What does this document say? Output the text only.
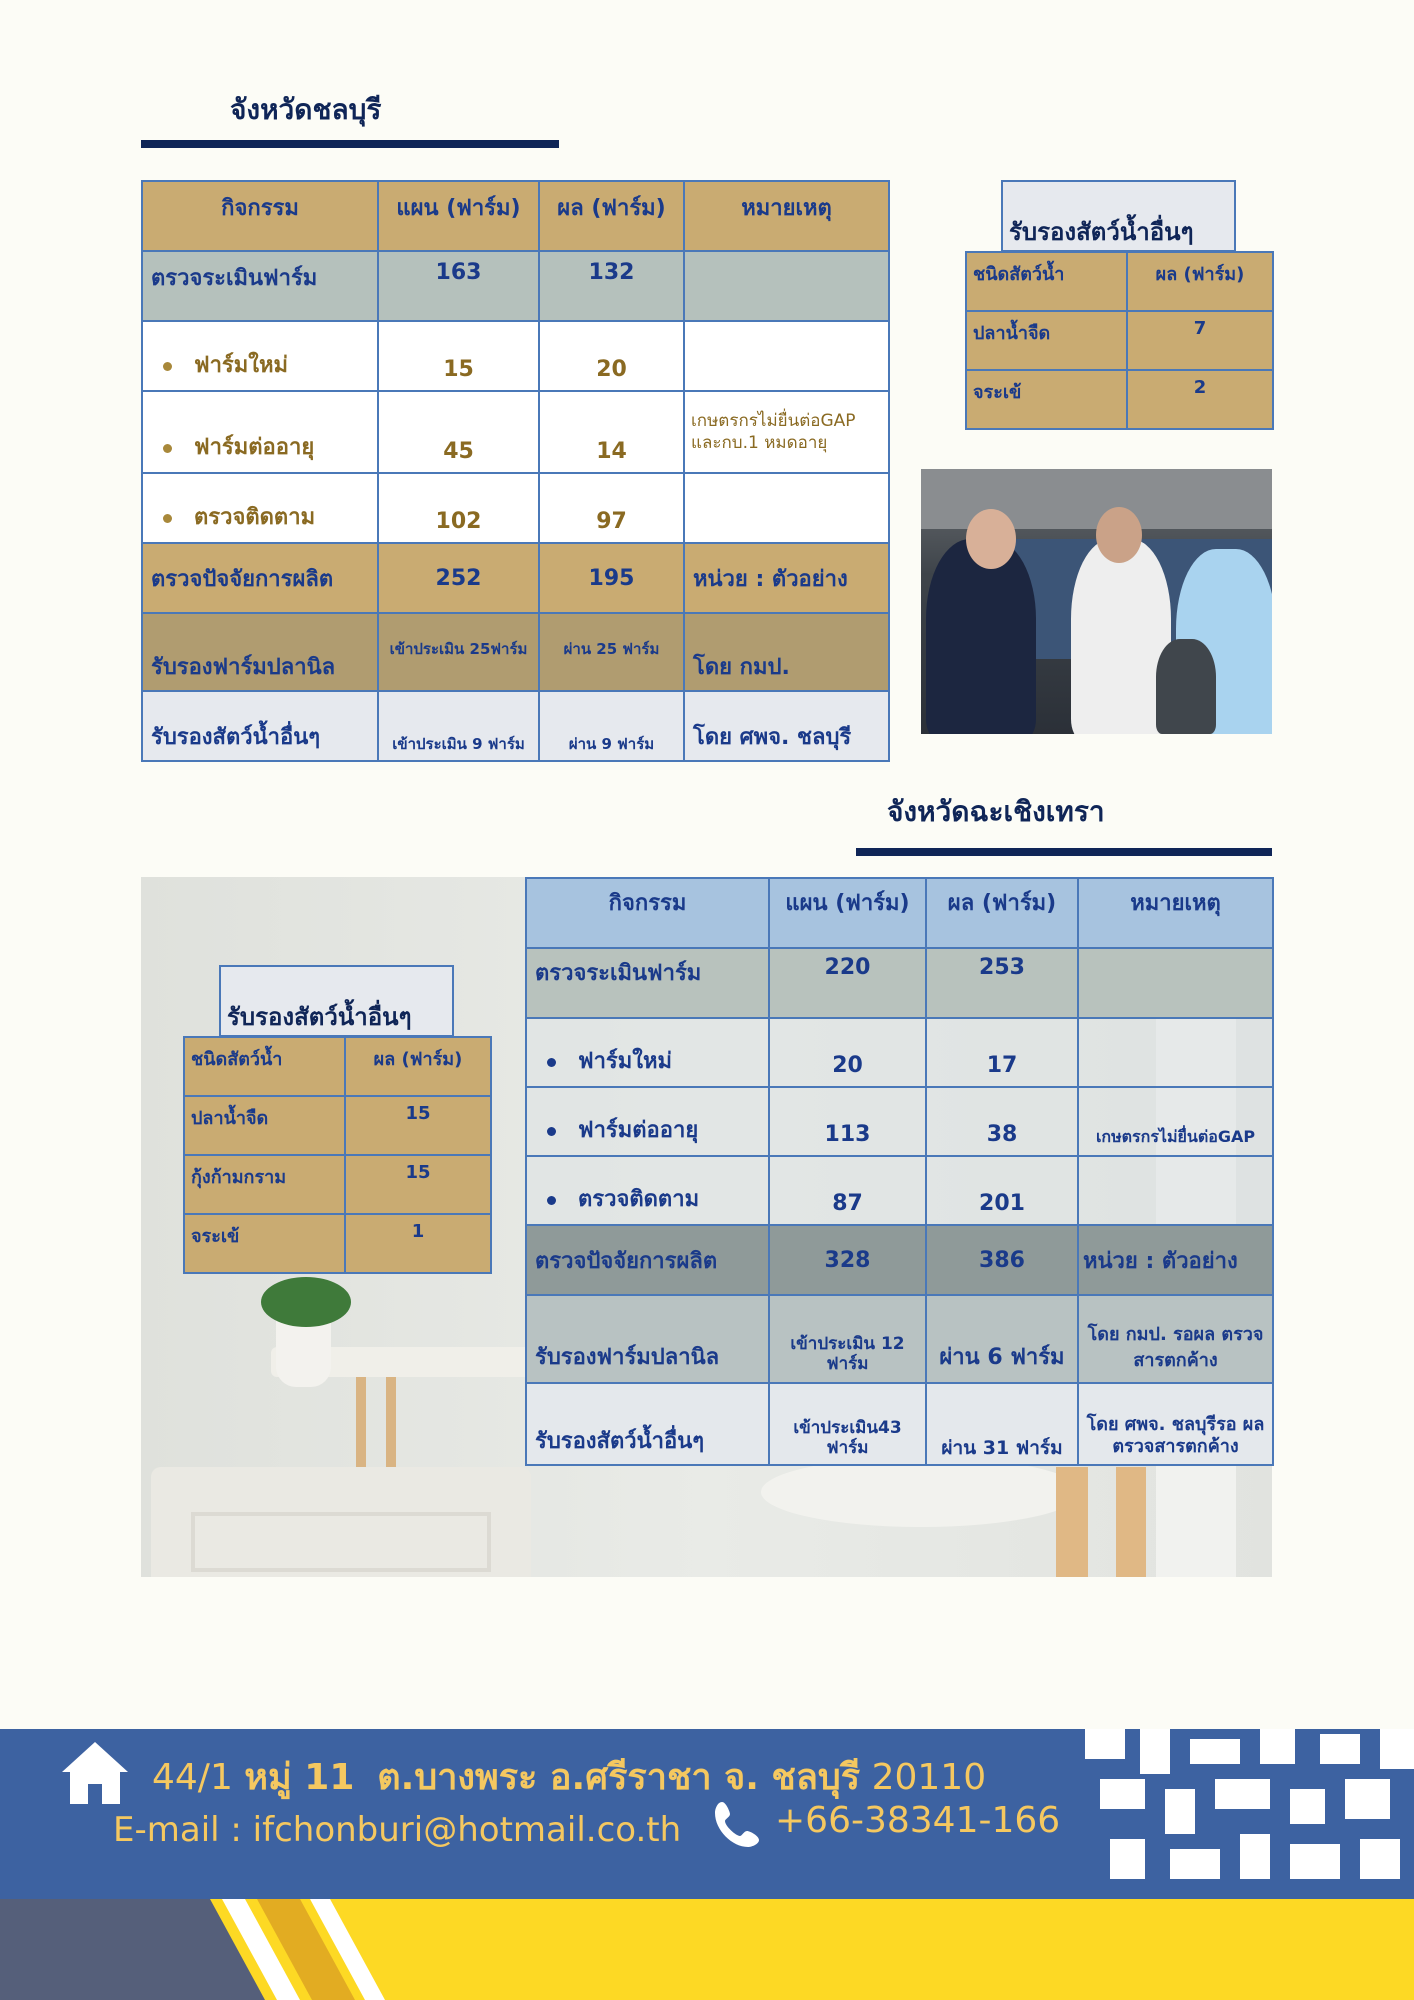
จังหวัดชลบุรี
กิจกรรม	แผน (ฟาร์ม)	ผล (ฟาร์ม)	หมายเหตุ
ตรวจระเมินฟาร์ม	163	132	
ฟาร์มใหม่	15	20	
ฟาร์มต่ออายุ	45	14	เกษตรกรไม่ยื่นต่อGAP และกบ.1 หมดอายุ
ตรวจติดตาม	102	97	
ตรวจปัจจัยการผลิต	252	195	หน่วย : ตัวอย่าง
รับรองฟาร์มปลานิล	เข้าประเมิน 25ฟาร์ม	ผ่าน 25 ฟาร์ม	โดย กมป.
รับรองสัตว์น้ำอื่นๆ	เข้าประเมิน 9 ฟาร์ม	ผ่าน 9 ฟาร์ม	โดย ศพจ. ชลบุรี
รับรองสัตว์น้ำอื่นๆ
ชนิดสัตว์น้ำ	ผล (ฟาร์ม)
ปลาน้ำจืด	7
จระเข้	2
จังหวัดฉะเชิงเทรา
รับรองสัตว์น้ำอื่นๆ
ชนิดสัตว์น้ำ	ผล (ฟาร์ม)
ปลาน้ำจืด	15
กุ้งก้ามกราม	15
จระเข้	1
กิจกรรม	แผน (ฟาร์ม)	ผล (ฟาร์ม)	หมายเหตุ
ตรวจระเมินฟาร์ม	220	253	
ฟาร์มใหม่	20	17	
ฟาร์มต่ออายุ	113	38	เกษตรกรไม่ยื่นต่อGAP
ตรวจติดตาม	87	201	
ตรวจปัจจัยการผลิต	328	386	หน่วย : ตัวอย่าง
รับรองฟาร์มปลานิล	เข้าประเมิน 12 ฟาร์ม	ผ่าน 6 ฟาร์ม	โดย กมป. รอผล ตรวจสารตกค้าง
รับรองสัตว์น้ำอื่นๆ	เข้าประเมิน43 ฟาร์ม	ผ่าน 31 ฟาร์ม	โดย ศพจ. ชลบุรีรอ ผลตรวจสารตกค้าง
44/1 หมู่ 11 ต.บางพระ อ.ศรีราชา จ. ชลบุรี 20110
E-mail : ifchonburi@hotmail.co.th	+66-38341-166
